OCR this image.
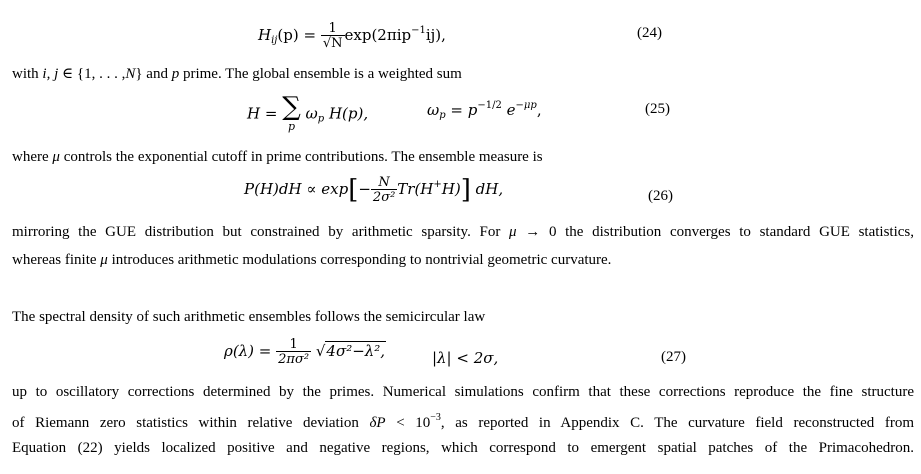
$H_{ij}(p) = \frac{1}{√N} \exp(2\pi ip^{-1}ij)$,	(24)
with i, j ∈ {1, . . . ,N} and p prime. The global ensemble is a weighted sum
H = ∑
p $\omega_p$ H(p),	$\omega_p = p^{-1/2}$ $e^{-\mu p}$,	(25)
where μ controls the exponential cutoff in prime contributions. The ensemble measure is
$P(H)dH \propto \exp[- \frac{N}{\text{2σ²}} Tr(H^+H)]$ dH,	(26)
mirroring the GUE distribution but constrained by arithmetic sparsity. For μ → 0 the distribution converges to standard GUE statistics,
whereas finite μ introduces arithmetic modulations corresponding to nontrivial geometric curvature.
The spectral density of such arithmetic ensembles follows the semicircular law
$\rho(\lambda) = \frac{1}{\text{2πσ²}} √4\sigma^2-\lambda^2$,	|λ| < 2σ,	(27)
up to oscillatory corrections determined by the primes. Numerical simulations confirm that these corrections reproduce the fine structure
of Riemann zero statistics within relative deviation $\delta P < 10^{-3}$, as reported in Appendix C. The curvature field reconstructed from
Equation (22) yields localized positive and negative regions, which correspond to emergent spatial patches of the Primacohedron.
